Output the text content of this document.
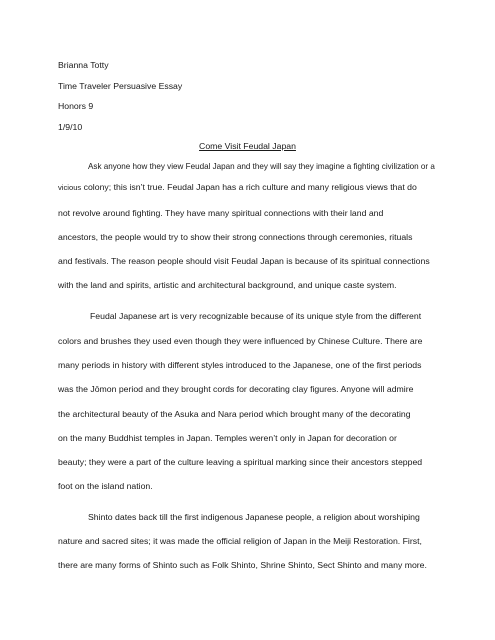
Brianna Totty
Time Traveler Persuasive Essay
Honors 9
1/9/10
Come Visit Feudal Japan
Ask anyone how they view Feudal Japan and they will say they imagine a fighting civilization or a
vicious colony; this isn’t true. Feudal Japan has a rich culture and many religious views that do
not revolve around fighting. They have many spiritual connections with their land and
ancestors, the people would try to show their strong connections through ceremonies, rituals
and festivals. The reason people should visit Feudal Japan is because of its spiritual connections
with the land and spirits, artistic and architectural background, and unique caste system.
Feudal Japanese art is very recognizable because of its unique style from the different
colors and brushes they used even though they were influenced by Chinese Culture. There are
many periods in history with different styles introduced to the Japanese, one of the first periods
was the Jōmon period and they brought cords for decorating clay figures. Anyone will admire
the architectural beauty of the Asuka and Nara period which brought many of the decorating
on the many Buddhist temples in Japan. Temples weren’t only in Japan for decoration or
beauty; they were a part of the culture leaving a spiritual marking since their ancestors stepped
foot on the island nation.
Shinto dates back till the first indigenous Japanese people, a religion about worshiping
nature and sacred sites; it was made the official religion of Japan in the Meiji Restoration. First,
there are many forms of Shinto such as Folk Shinto, Shrine Shinto, Sect Shinto and many more.
